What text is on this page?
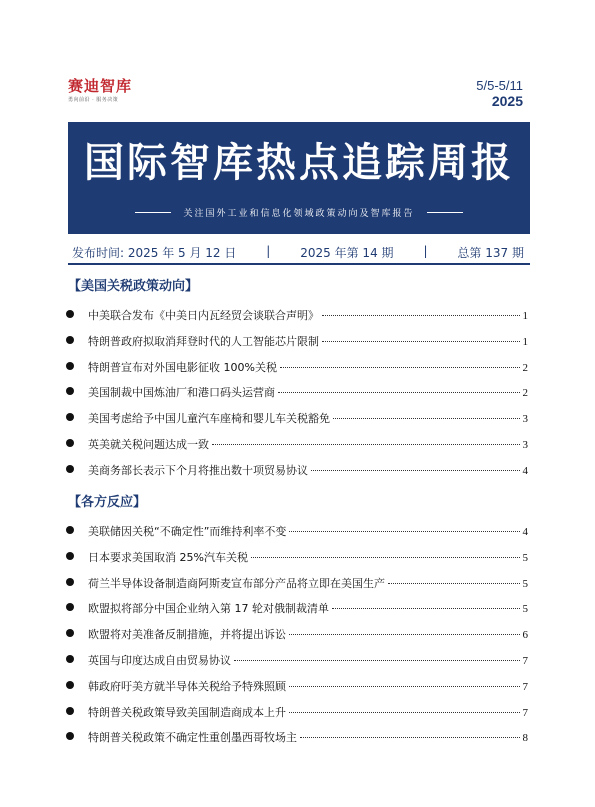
赛迪智库
勇向前沿 · 服务决策
5/5-5/11
2025
国际智库热点追踪周报
关注国外工业和信息化领域政策动向及智库报告
发布时间: 2025 年 5 月 12 日 | 2025 年第 14 期 | 总第 137 期
【美国关税政策动向】
中美联合发布《中美日内瓦经贸会谈联合声明》	1
特朗普政府拟取消拜登时代的人工智能芯片限制	1
特朗普宣布对外国电影征收 100%关税	2
美国制裁中国炼油厂和港口码头运营商	2
美国考虑给予中国儿童汽车座椅和婴儿车关税豁免	3
英美就关税问题达成一致	3
美商务部长表示下个月将推出数十项贸易协议	4
【各方反应】
美联储因关税“不确定性”而维持利率不变	4
日本要求美国取消 25%汽车关税	5
荷兰半导体设备制造商阿斯麦宣布部分产品将立即在美国生产	5
欧盟拟将部分中国企业纳入第 17 轮对俄制裁清单	5
欧盟将对美准备反制措施，并将提出诉讼	6
英国与印度达成自由贸易协议	7
韩政府吁美方就半导体关税给予特殊照顾	7
特朗普关税政策导致美国制造商成本上升	7
特朗普关税政策不确定性重创墨西哥牧场主	8
